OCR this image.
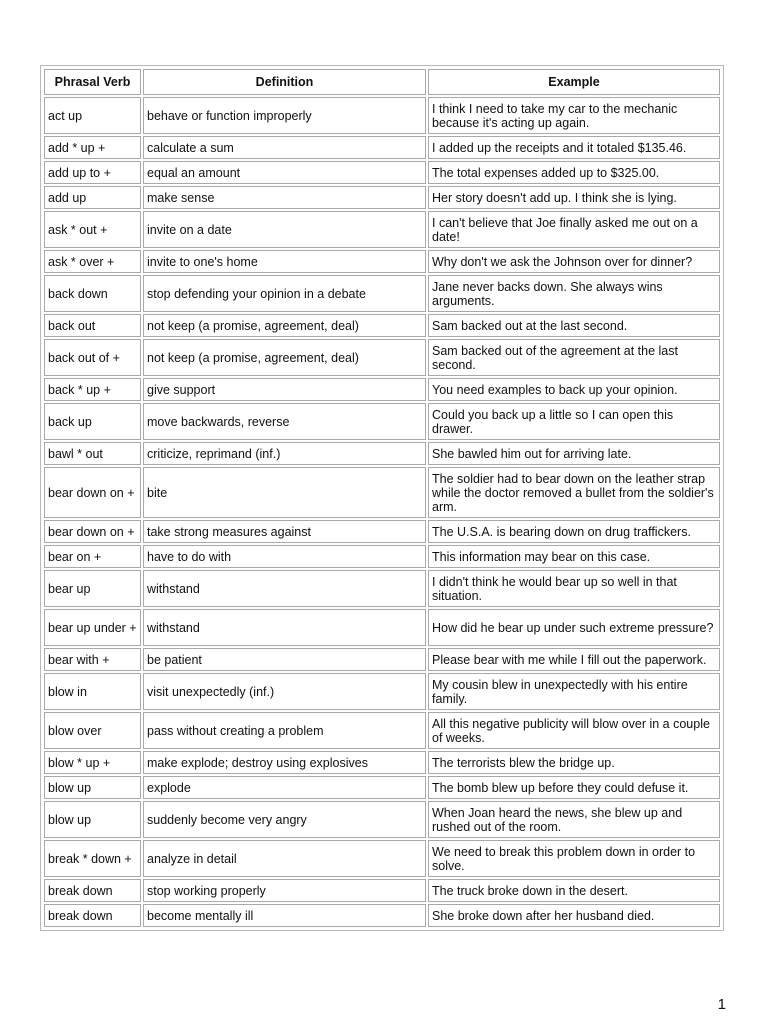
Phrasal Verb	Definition	Example
act up	behave or function improperly	I think I need to take my car to the mechanic because it's acting up again.
add * up +	calculate a sum	I added up the receipts and it totaled $135.46.
add up to +	equal an amount	The total expenses added up to $325.00.
add up	make sense	Her story doesn't add up. I think she is lying.
ask * out +	invite on a date	I can't believe that Joe finally asked me out on a date!
ask * over +	invite to one's home	Why don't we ask the Johnson over for dinner?
back down	stop defending your opinion in a debate	Jane never backs down. She always wins arguments.
back out	not keep (a promise, agreement, deal)	Sam backed out at the last second.
back out of +	not keep (a promise, agreement, deal)	Sam backed out of the agreement at the last second.
back * up +	give support	You need examples to back up your opinion.
back up	move backwards, reverse	Could you back up a little so I can open this drawer.
bawl * out	criticize, reprimand (inf.)	She bawled him out for arriving late.
bear down on +	bite	The soldier had to bear down on the leather strap while the doctor removed a bullet from the soldier's arm.
bear down on +	take strong measures against	The U.S.A. is bearing down on drug traffickers.
bear on +	have to do with	This information may bear on this case.
bear up	withstand	I didn't think he would bear up so well in that situation.
bear up under +	withstand	How did he bear up under such extreme pressure?
bear with +	be patient	Please bear with me while I fill out the paperwork.
blow in	visit unexpectedly (inf.)	My cousin blew in unexpectedly with his entire family.
blow over	pass without creating a problem	All this negative publicity will blow over in a couple of weeks.
blow * up +	make explode; destroy using explosives	The terrorists blew the bridge up.
blow up	explode	The bomb blew up before they could defuse it.
blow up	suddenly become very angry	When Joan heard the news, she blew up and rushed out of the room.
break * down +	analyze in detail	We need to break this problem down in order to solve.
break down	stop working properly	The truck broke down in the desert.
break down	become mentally ill	She broke down after her husband died.
1
